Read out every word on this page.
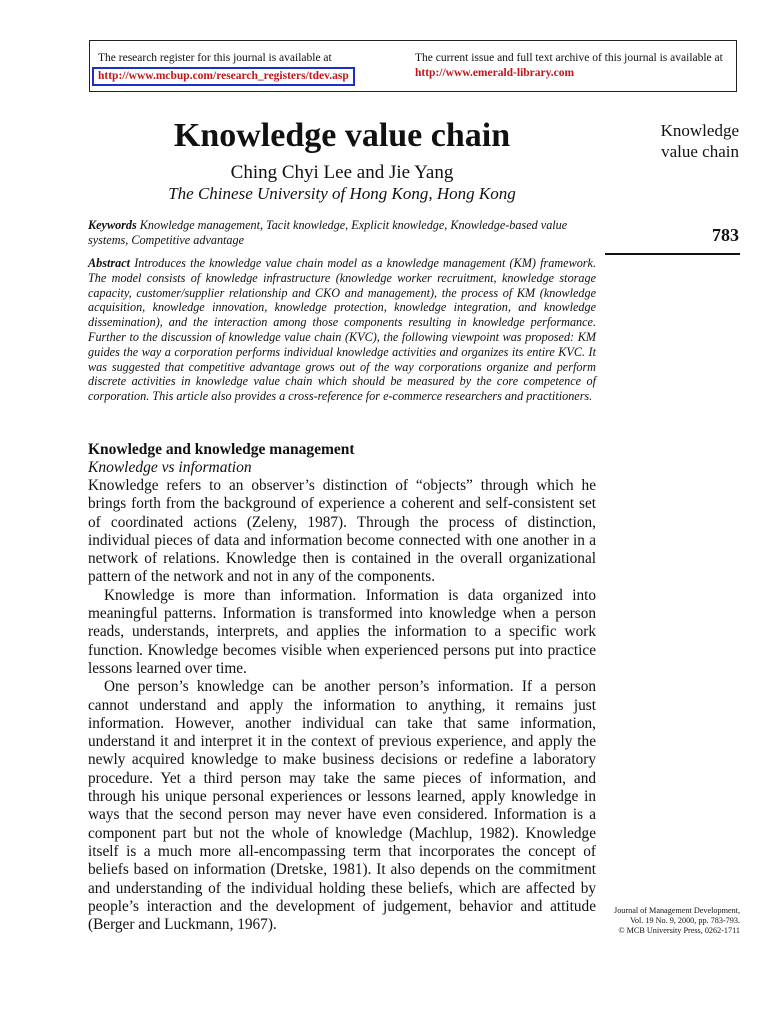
The research register for this journal is available at
http://www.mcbup.com/research_registers/tdev.asp
The current issue and full text archive of this journal is available at
http://www.emerald-library.com
Knowledge value chain
Ching Chyi Lee and Jie Yang
The Chinese University of Hong Kong, Hong Kong
Knowledge
value chain
783
Keywords Knowledge management, Tacit knowledge, Explicit knowledge, Knowledge-based value systems, Competitive advantage
Abstract Introduces the knowledge value chain model as a knowledge management (KM) framework. The model consists of knowledge infrastructure (knowledge worker recruitment, knowledge storage capacity, customer/supplier relationship and CKO and management), the process of KM (knowledge acquisition, knowledge innovation, knowledge protection, knowledge integration, and knowledge dissemination), and the interaction among those components resulting in knowledge performance. Further to the discussion of knowledge value chain (KVC), the following viewpoint was proposed: KM guides the way a corporation performs individual knowledge activities and organizes its entire KVC. It was suggested that competitive advantage grows out of the way corporations organize and perform discrete activities in knowledge value chain which should be measured by the core competence of corporation. This article also provides a cross-reference for e-commerce researchers and practitioners.
Knowledge and knowledge management
Knowledge vs information

Knowledge refers to an observer’s distinction of “objects” through which he brings forth from the background of experience a coherent and self-consistent set of coordinated actions (Zeleny, 1987). Through the process of distinction, individual pieces of data and information become connected with one another in a network of relations. Knowledge then is contained in the overall organizational pattern of the network and not in any of the components.

Knowledge is more than information. Information is data organized into meaningful patterns. Information is transformed into knowledge when a person reads, understands, interprets, and applies the information to a specific work function. Knowledge becomes visible when experienced persons put into practice lessons learned over time.

One person’s knowledge can be another person’s information. If a person cannot understand and apply the information to anything, it remains just information. However, another individual can take that same information, understand it and interpret it in the context of previous experience, and apply the newly acquired knowledge to make business decisions or redefine a laboratory procedure. Yet a third person may take the same pieces of information, and through his unique personal experiences or lessons learned, apply knowledge in ways that the second person may never have even considered. Information is a component part but not the whole of knowledge (Machlup, 1982). Knowledge itself is a much more all-encompassing term that incorporates the concept of beliefs based on information (Dretske, 1981). It also depends on the commitment and understanding of the individual holding these beliefs, which are affected by people’s interaction and the development of judgement, behavior and attitude (Berger and Luckmann, 1967).

Journal of Management Development,
Vol. 19 No. 9, 2000, pp. 783-793.
© MCB University Press, 0262-1711
